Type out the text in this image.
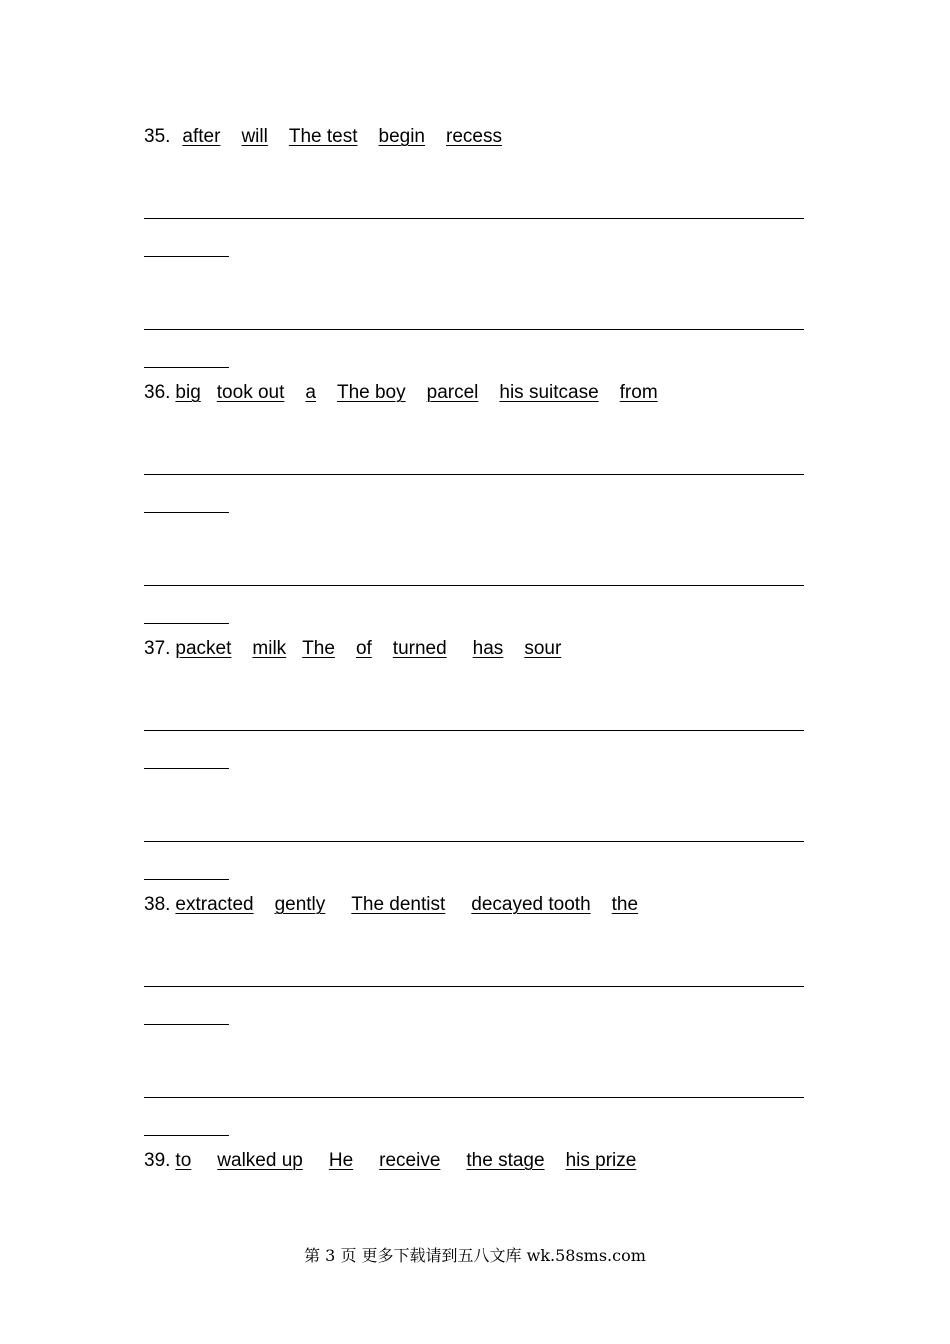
35. after will The test begin recess
36. bigtook out a The boy parcel his suitcase from
37. packet milk The of turned has sour
38. extracted gently The dentist decayed tooth the
39. to walked up He receive the stage his prize
第 3 页 更多下载请到五八文库 wk.58sms.com
